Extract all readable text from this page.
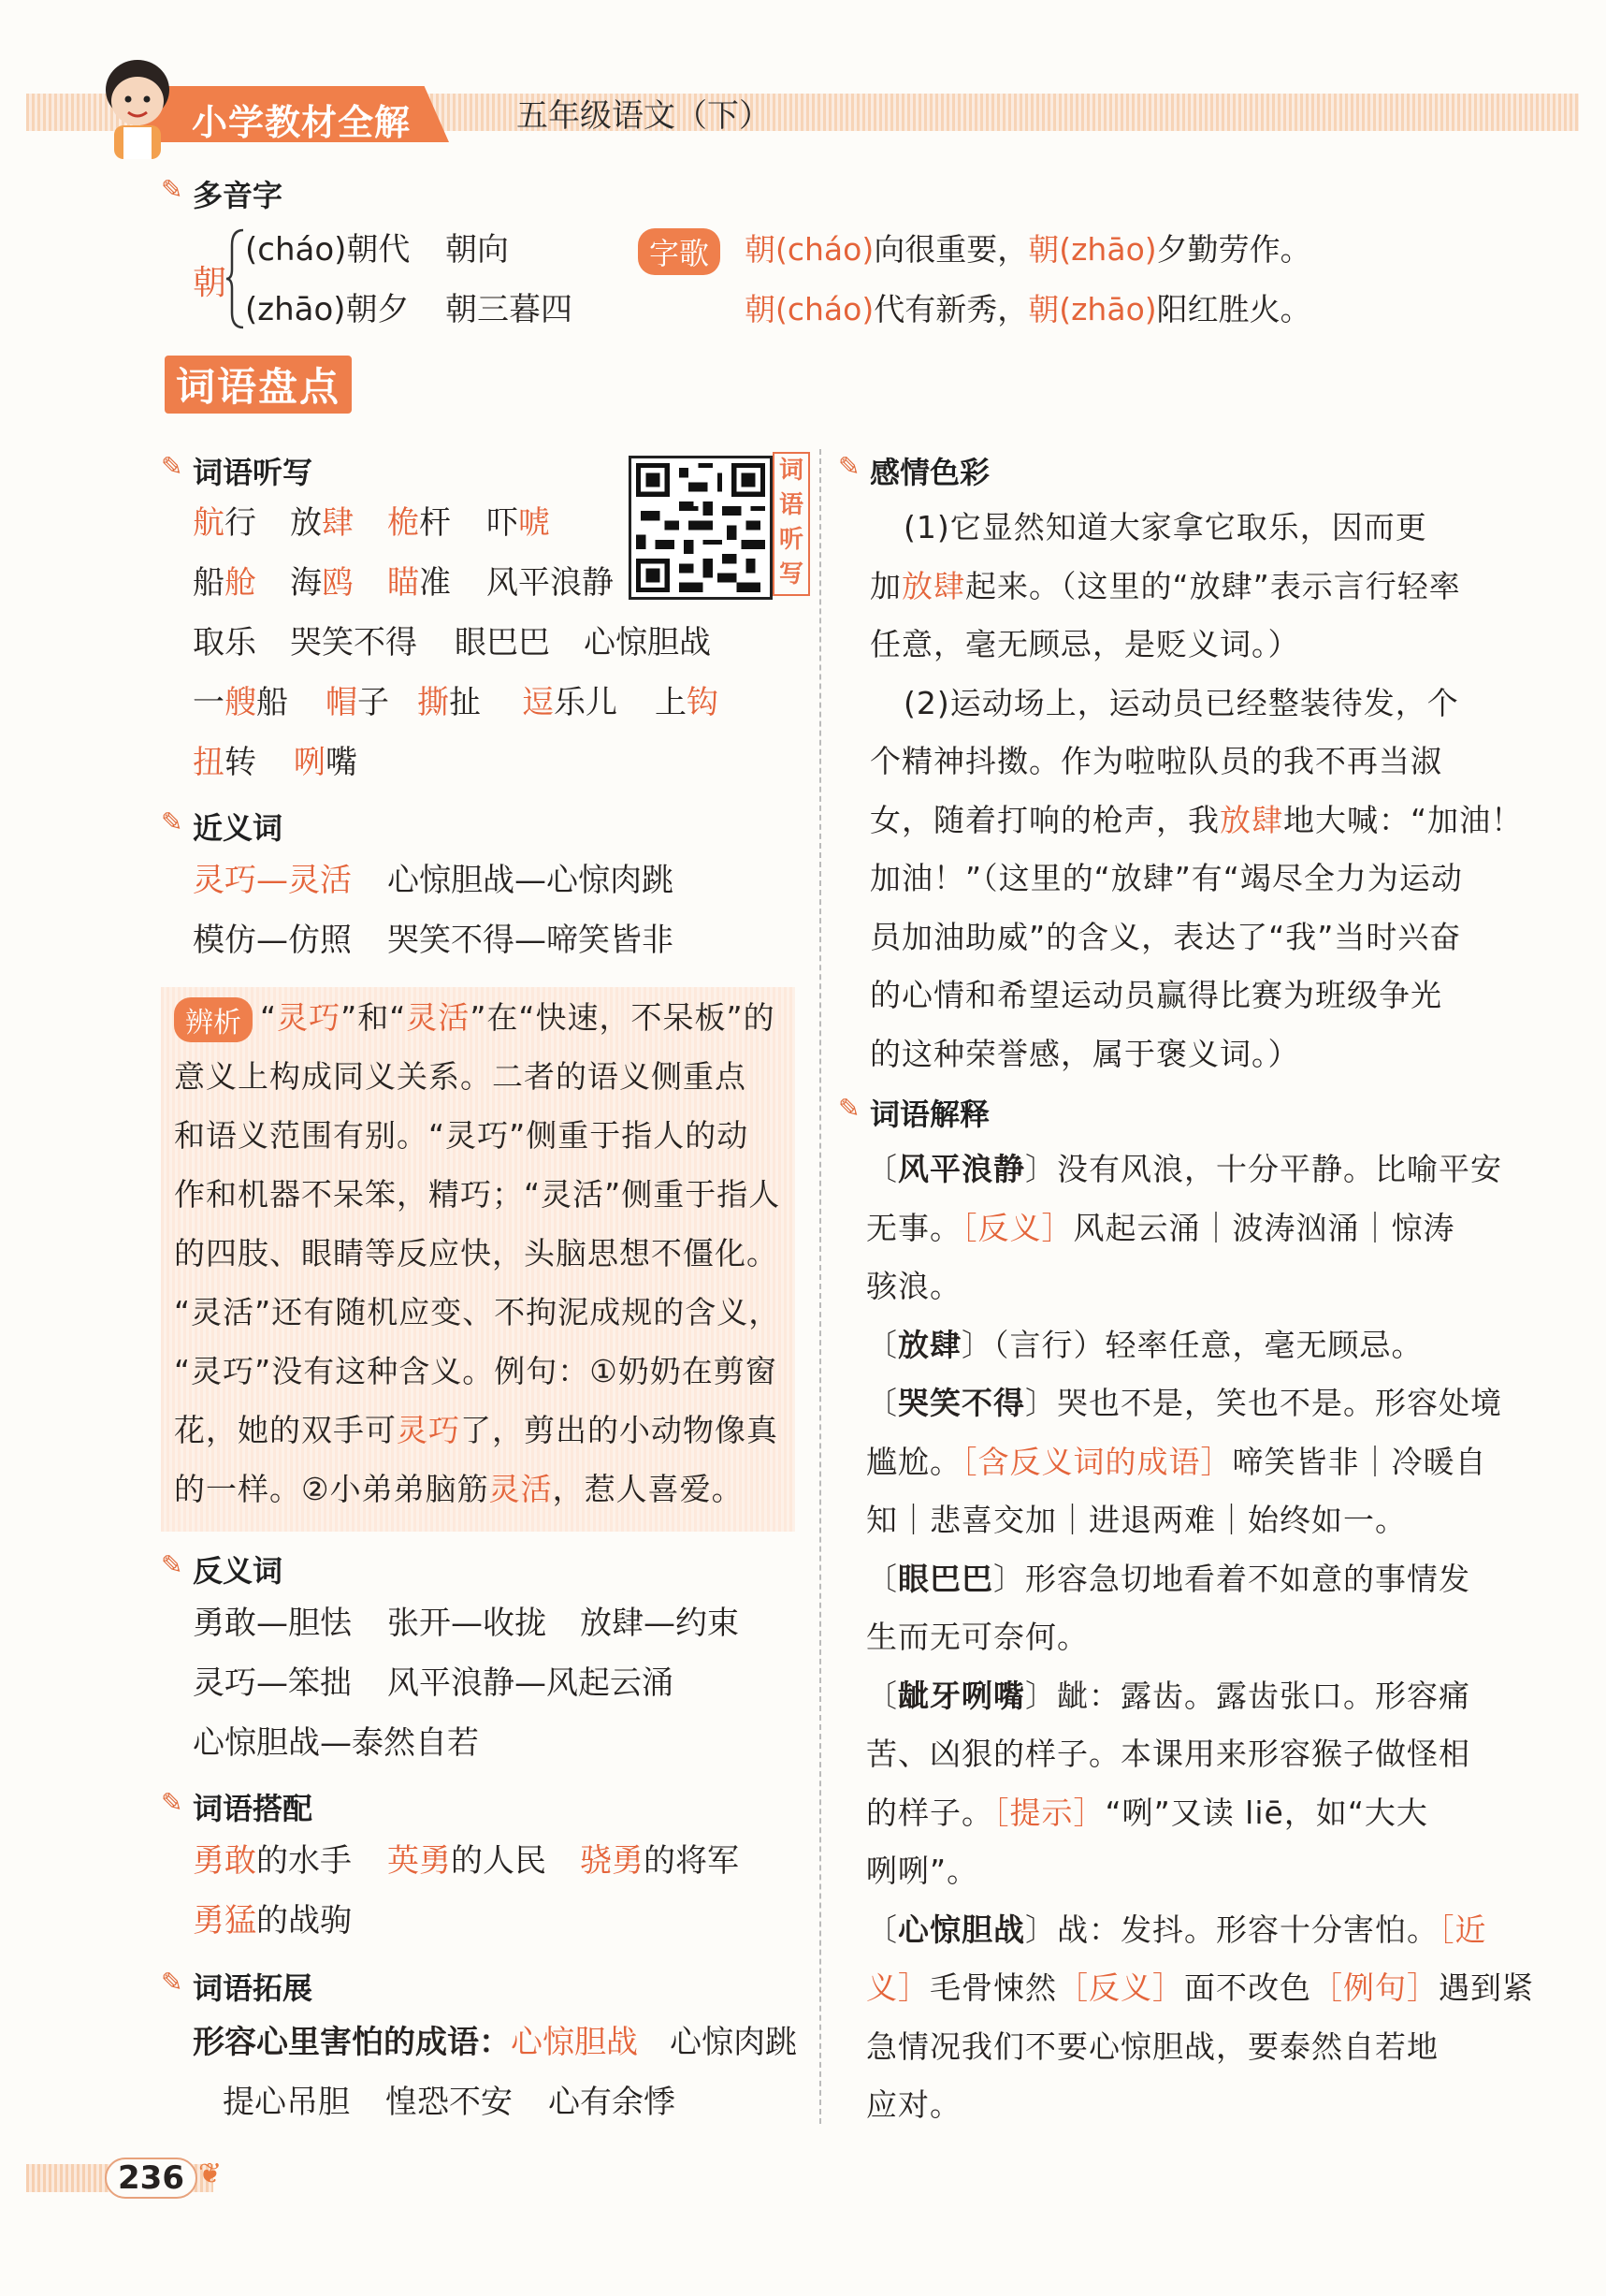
小学教材全解	五年级语文（下）
✎ 多音字
朝
(cháo)朝代 朝向
(zhāo)朝夕 朝三暮四
字歌	朝(cháo)向很重要，朝(zhāo)夕勤劳作。
朝(cháo)代有新秀，朝(zhāo)阳红胜火。
词语盘点
✎ 词语听写	词
语
听
写
航行 放肆 桅杆 吓唬
船舱 海鸥 瞄准 风平浪静
取乐 哭笑不得 眼巴巴 心惊胆战
一艘船 帽子 撕扯 逗乐儿 上钩
扭转 咧嘴
✎ 近义词
灵巧—灵活 心惊胆战—心惊肉跳
模仿—仿照 哭笑不得—啼笑皆非
辨析 “灵巧”和“灵活”在“快速，不呆板”的
意义上构成同义关系。二者的语义侧重点
和语义范围有别。“灵巧”侧重于指人的动
作和机器不呆笨，精巧；“灵活”侧重于指人
的四肢、眼睛等反应快，头脑思想不僵化。
“灵活”还有随机应变、不拘泥成规的含义，
“灵巧”没有这种含义。例句：①奶奶在剪窗
花，她的双手可灵巧了，剪出的小动物像真
的一样。②小弟弟脑筋灵活，惹人喜爱。
✎ 反义词
勇敢—胆怯 张开—收拢 放肆—约束
灵巧—笨拙 风平浪静—风起云涌
心惊胆战—泰然自若
✎ 词语搭配
勇敢的水手 英勇的人民 骁勇的将军
勇猛的战驹
✎ 词语拓展
形容心里害怕的成语：心惊胆战 心惊肉跳
提心吊胆 惶恐不安 心有余悸
✎ 感情色彩
(1)它显然知道大家拿它取乐，因而更
加放肆起来。（这里的“放肆”表示言行轻率
任意，毫无顾忌，是贬义词。）
(2)运动场上，运动员已经整装待发，个
个精神抖擞。作为啦啦队员的我不再当淑
女，随着打响的枪声，我放肆地大喊：“加油！
加油！”（这里的“放肆”有“竭尽全力为运动
员加油助威”的含义，表达了“我”当时兴奋
的心情和希望运动员赢得比赛为班级争光
的这种荣誉感，属于褒义词。）
✎ 词语解释
〔风平浪静〕没有风浪，十分平静。比喻平安
无事。［反义］风起云涌｜波涛汹涌｜惊涛
骇浪。
〔放肆〕（言行）轻率任意，毫无顾忌。
〔哭笑不得〕哭也不是，笑也不是。形容处境
尴尬。［含反义词的成语］啼笑皆非｜冷暖自
知｜悲喜交加｜进退两难｜始终如一。
〔眼巴巴〕形容急切地看着不如意的事情发
生而无可奈何。
〔龇牙咧嘴〕龇：露齿。露齿张口。形容痛
苦、凶狠的样子。本课用来形容猴子做怪相
的样子。［提示］“咧”又读 liē，如“大大
咧咧”。
〔心惊胆战〕战：发抖。形容十分害怕。［近
义］毛骨悚然［反义］面不改色［例句］遇到紧
急情况我们不要心惊胆战，要泰然自若地
应对。
236 ❦
